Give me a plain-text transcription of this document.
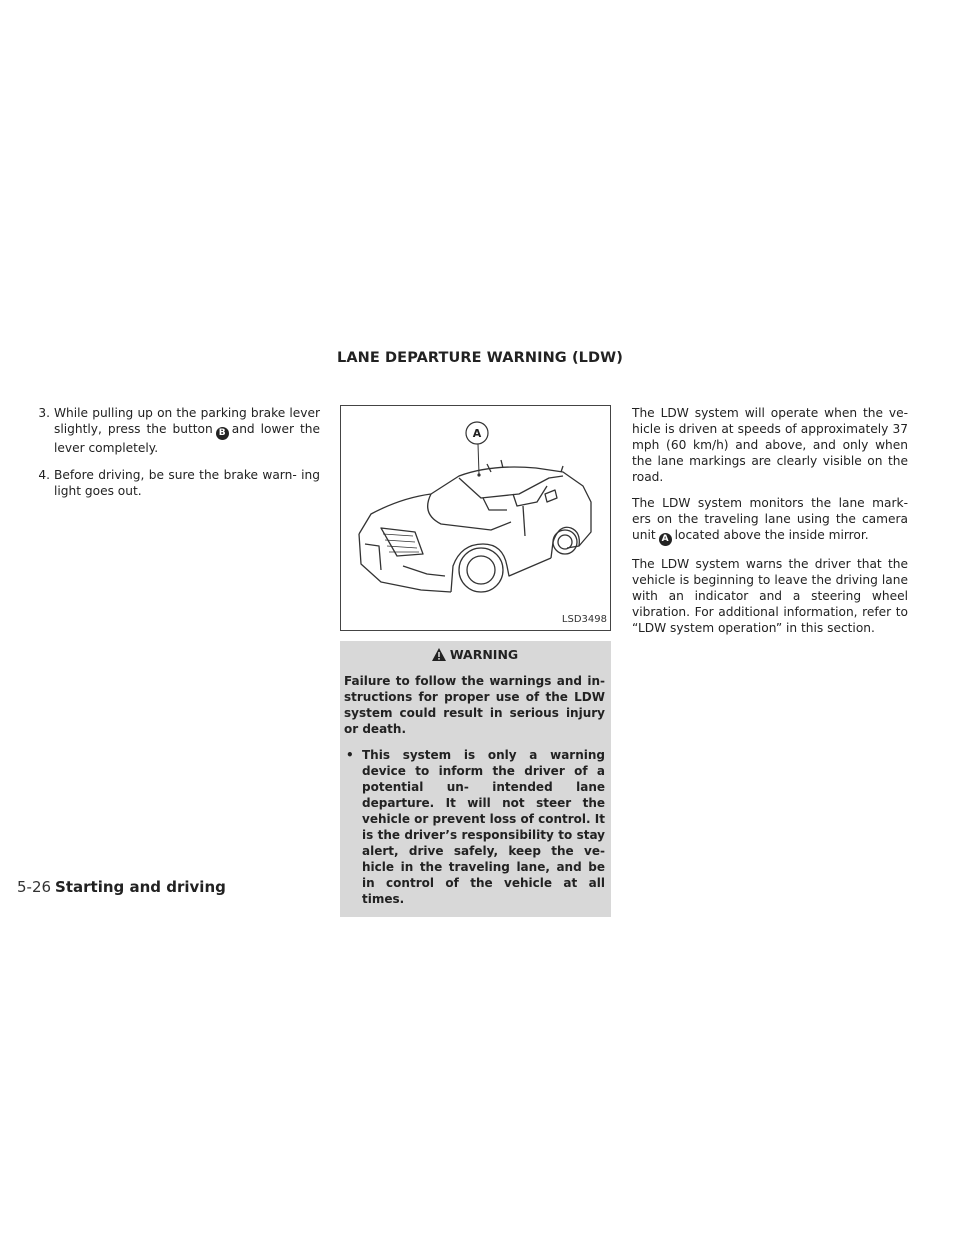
LANE DEPARTURE WARNING (LDW)
3. While pulling up on the parking brake lever slightly, press the button B and lower the lever completely.
4. Before driving, be sure the brake warn- ing light goes out.
A
LSD3498
WARNING

Failure to follow the warnings and in- structions for proper use of the LDW system could result in serious injury or death.

• This system is only a warning device to inform the driver of a potential un- intended lane departure. It will not steer the vehicle or prevent loss of control. It is the driver’s responsibility to stay alert, drive safely, keep the ve- hicle in the traveling lane, and be in control of the vehicle at all times.

The LDW system will operate when the ve- hicle is driven at speeds of approximately 37 mph (60 km/h) and above, and only when the lane markings are clearly visible on the road.

The LDW system monitors the lane mark- ers on the traveling lane using the camera unit A located above the inside mirror.

The LDW system warns the driver that the vehicle is beginning to leave the driving lane with an indicator and a steering wheel vibration. For additional information, refer to “LDW system operation” in this section.

5-26 Starting and driving
